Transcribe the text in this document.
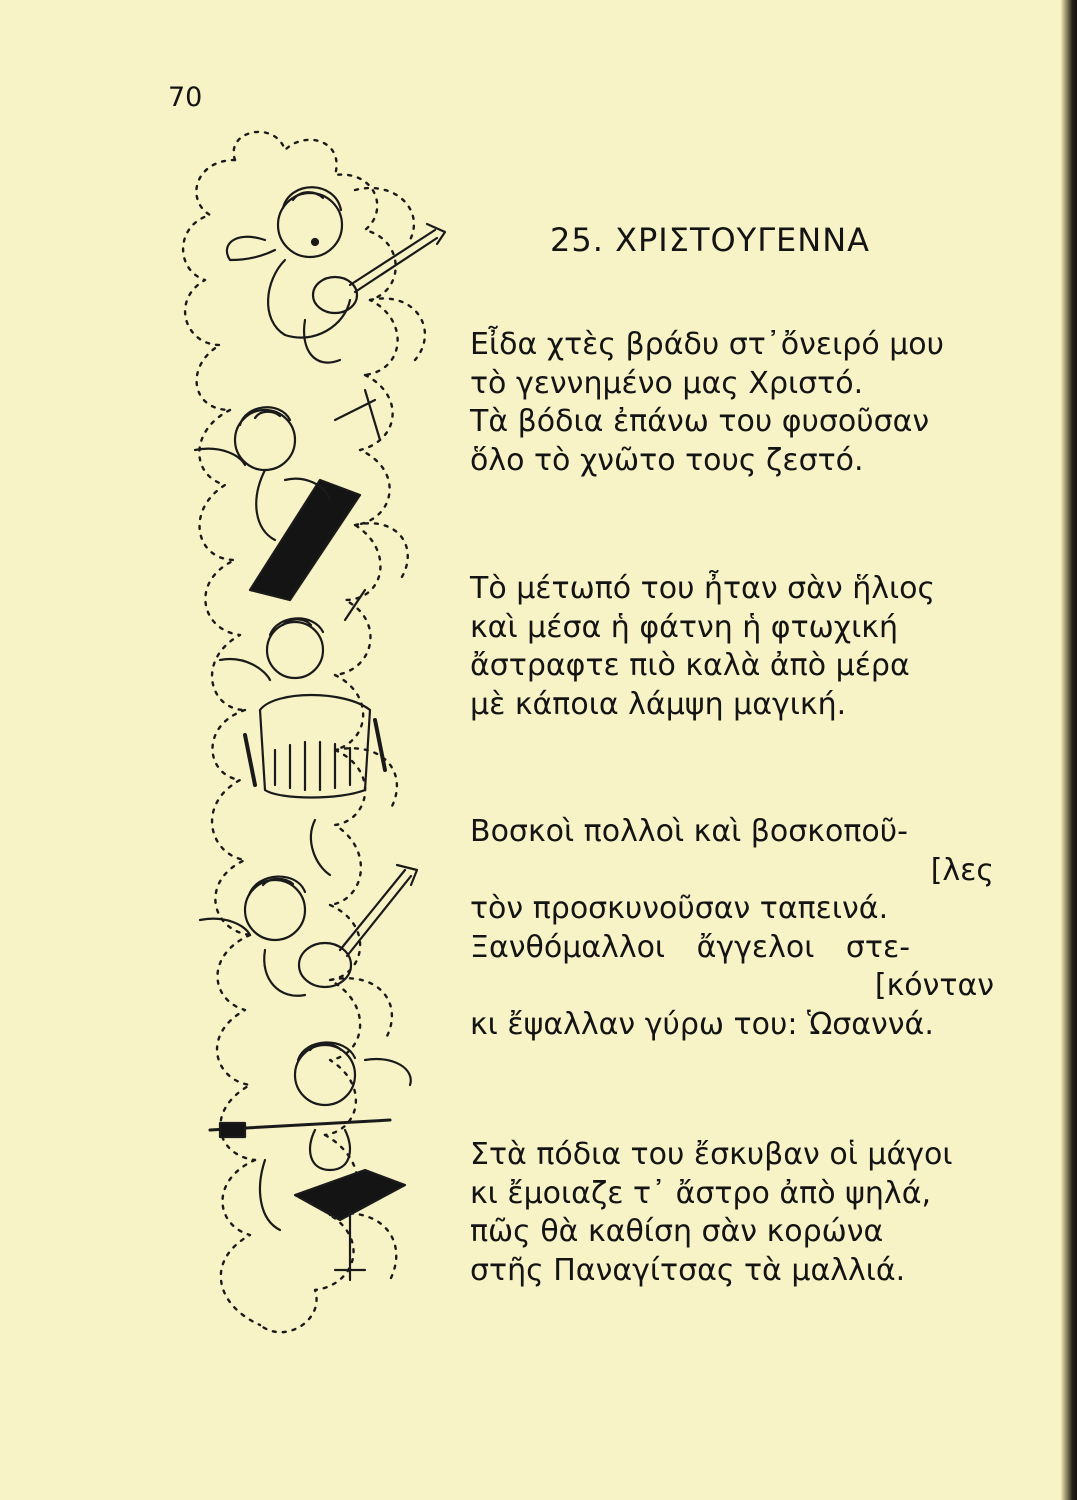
70
25. ΧΡΙΣΤΟΥΓΕΝΝΑ
Εἶδα χτὲς βράδυ στ᾽ὄνειρό μου
τὸ γεννημένο μας Χριστό.
Τὰ βόδια ἐπάνω του φυσοῦσαν
ὅλο τὸ χνῶτο τους ζεστό.
Τὸ μέτωπό του ἦταν σὰν ἥλιος
καὶ μέσα ἡ φάτνη ἡ φτωχική
ἄστραφτε πιὸ καλὰ ἀπὸ μέρα
μὲ κάποια λάμψη μαγική.
Βοσκοὶ πολλοὶ καὶ βοσκοποῦ-
[λες
τὸν προσκυνοῦσαν ταπεινά.
Ξανθόμαλλοι ἄγγελοι στε-
[κόνταν
κι ἔψαλλαν γύρω του: Ὡσαννά.
Στὰ πόδια του ἔσκυβαν οἱ μάγοι
κι ἔμοιαζε τ᾽ ἄστρο ἀπὸ ψηλά,
πῶς θὰ καθίση σὰν κορώνα
στῆς Παναγίτσας τὰ μαλλιά.
